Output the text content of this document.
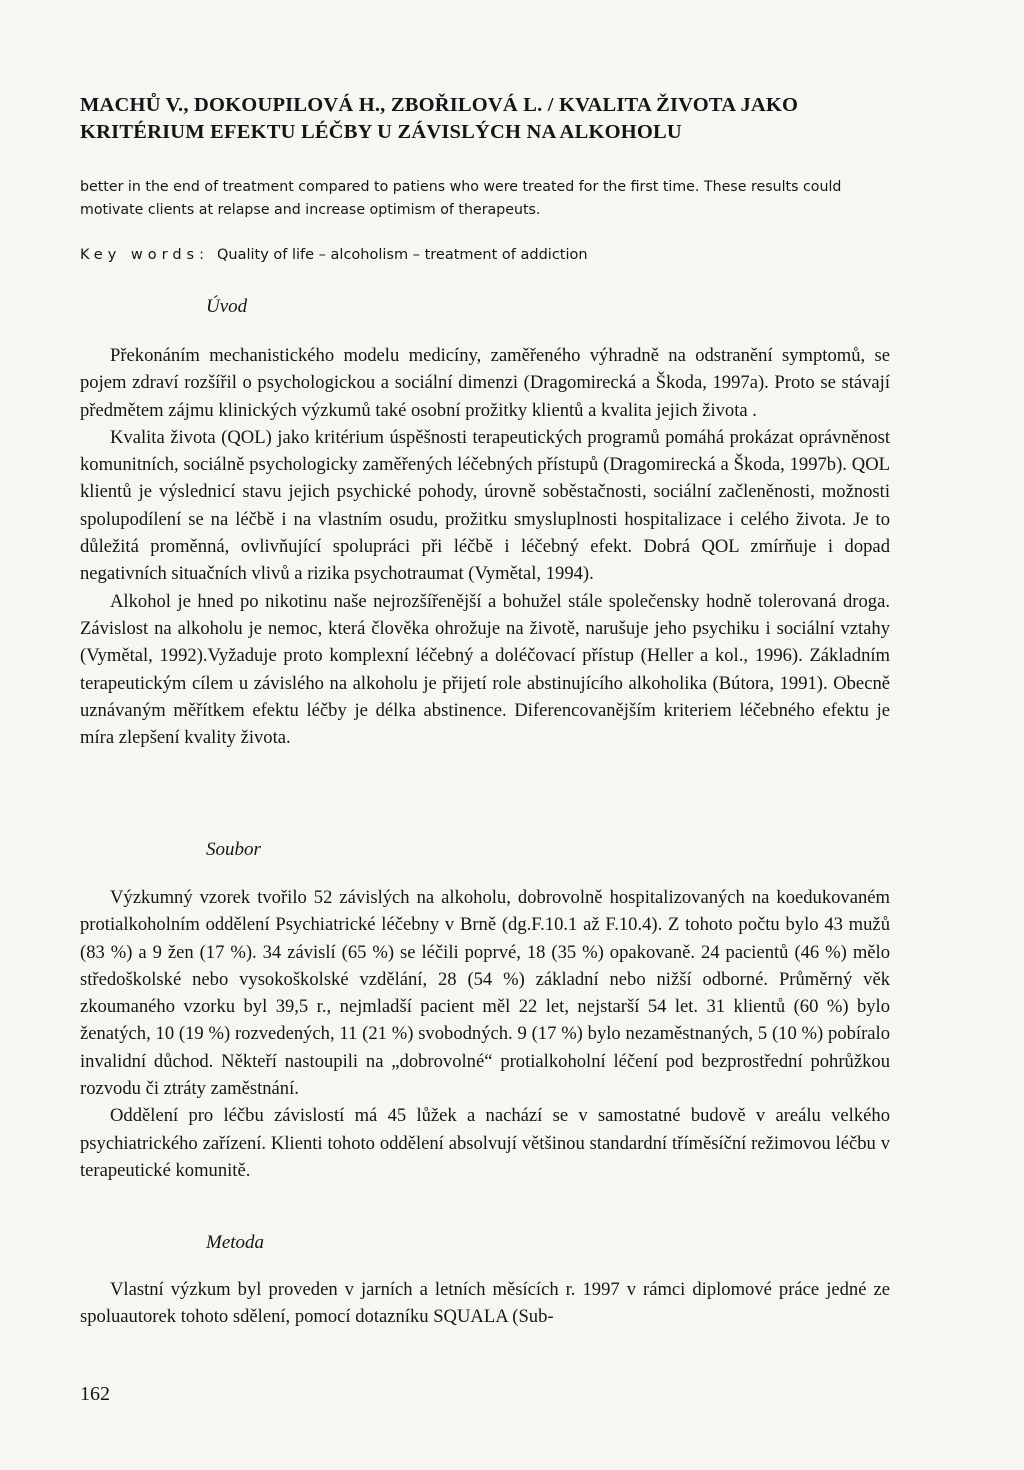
MACHŮ V., DOKOUPILOVÁ H., ZBOŘILOVÁ L. / KVALITA ŽIVOTA JAKO
KRITÉRIUM EFEKTU LÉČBY U ZÁVISLÝCH NA ALKOHOLU

better in the end of treatment compared to patiens who were treated for the first time. These results could motivate clients at relapse and increase optimism of therapeuts.

Key words: Quality of life – alcoholism – treatment of addiction

Úvod

Překonáním mechanistického modelu medicíny, zaměřeného výhradně na odstranění symptomů, se pojem zdraví rozšířil o psychologickou a sociální dimenzi (Dragomirecká a Škoda, 1997a). Proto se stávají předmětem zájmu klinických výzkumů také osobní prožitky klientů a kvalita jejich života .

Kvalita života (QOL) jako kritérium úspěšnosti terapeutických programů pomáhá prokázat oprávněnost komunitních, sociálně psychologicky zaměřených léčebných přístupů (Dragomirecká a Škoda, 1997b). QOL klientů je výslednicí stavu jejich psychické pohody, úrovně soběstačnosti, sociální začleněnosti, možnosti spolupodílení se na léčbě i na vlastním osudu, prožitku smysluplnosti hospitalizace i celého života. Je to důležitá proměnná, ovlivňující spolupráci při léčbě i léčebný efekt. Dobrá QOL zmírňuje i dopad negativních situačních vlivů a rizika psychotraumat (Vymětal, 1994).

Alkohol je hned po nikotinu naše nejrozšířenější a bohužel stále společensky hodně tolerovaná droga. Závislost na alkoholu je nemoc, která člověka ohrožuje na životě, narušuje jeho psychiku i sociální vztahy (Vymětal, 1992).Vyžaduje proto komplexní léčebný a doléčovací přístup (Heller a kol., 1996). Základním terapeutickým cílem u závislého na alkoholu je přijetí role abstinujícího alkoholika (Bútora, 1991). Obecně uznávaným měřítkem efektu léčby je délka abstinence. Diferencovanějším kriteriem léčebného efektu je míra zlepšení kvality života.

Soubor

Výzkumný vzorek tvořilo 52 závislých na alkoholu, dobrovolně hospitalizovaných na koedukovaném protialkoholním oddělení Psychiatrické léčebny v Brně (dg.F.10.1 až F.10.4). Z tohoto počtu bylo 43 mužů (83 %) a 9 žen (17 %). 34 závislí (65 %) se léčili poprvé, 18 (35 %) opakovaně. 24 pacientů (46 %) mělo středoškolské nebo vysokoškolské vzdělání, 28 (54 %) základní nebo nižší odborné. Průměrný věk zkoumaného vzorku byl 39,5 r., nejmladší pacient měl 22 let, nejstarší 54 let. 31 klientů (60 %) bylo ženatých, 10 (19 %) rozvedených, 11 (21 %) svobodných. 9 (17 %) bylo nezaměstnaných, 5 (10 %) pobíralo invalidní důchod. Někteří nastoupili na „dobrovolné“ protialkoholní léčení pod bezprostřední pohrůžkou rozvodu či ztráty zaměstnání.

Oddělení pro léčbu závislostí má 45 lůžek a nachází se v samostatné budově v areálu velkého psychiatrického zařízení. Klienti tohoto oddělení absolvují většinou standardní tříměsíční režimovou léčbu v terapeutické komunitě.

Metoda

Vlastní výzkum byl proveden v jarních a letních měsících r. 1997 v rámci diplomové práce jedné ze spoluautorek tohoto sdělení, pomocí dotazníku SQUALA (Sub-

162
